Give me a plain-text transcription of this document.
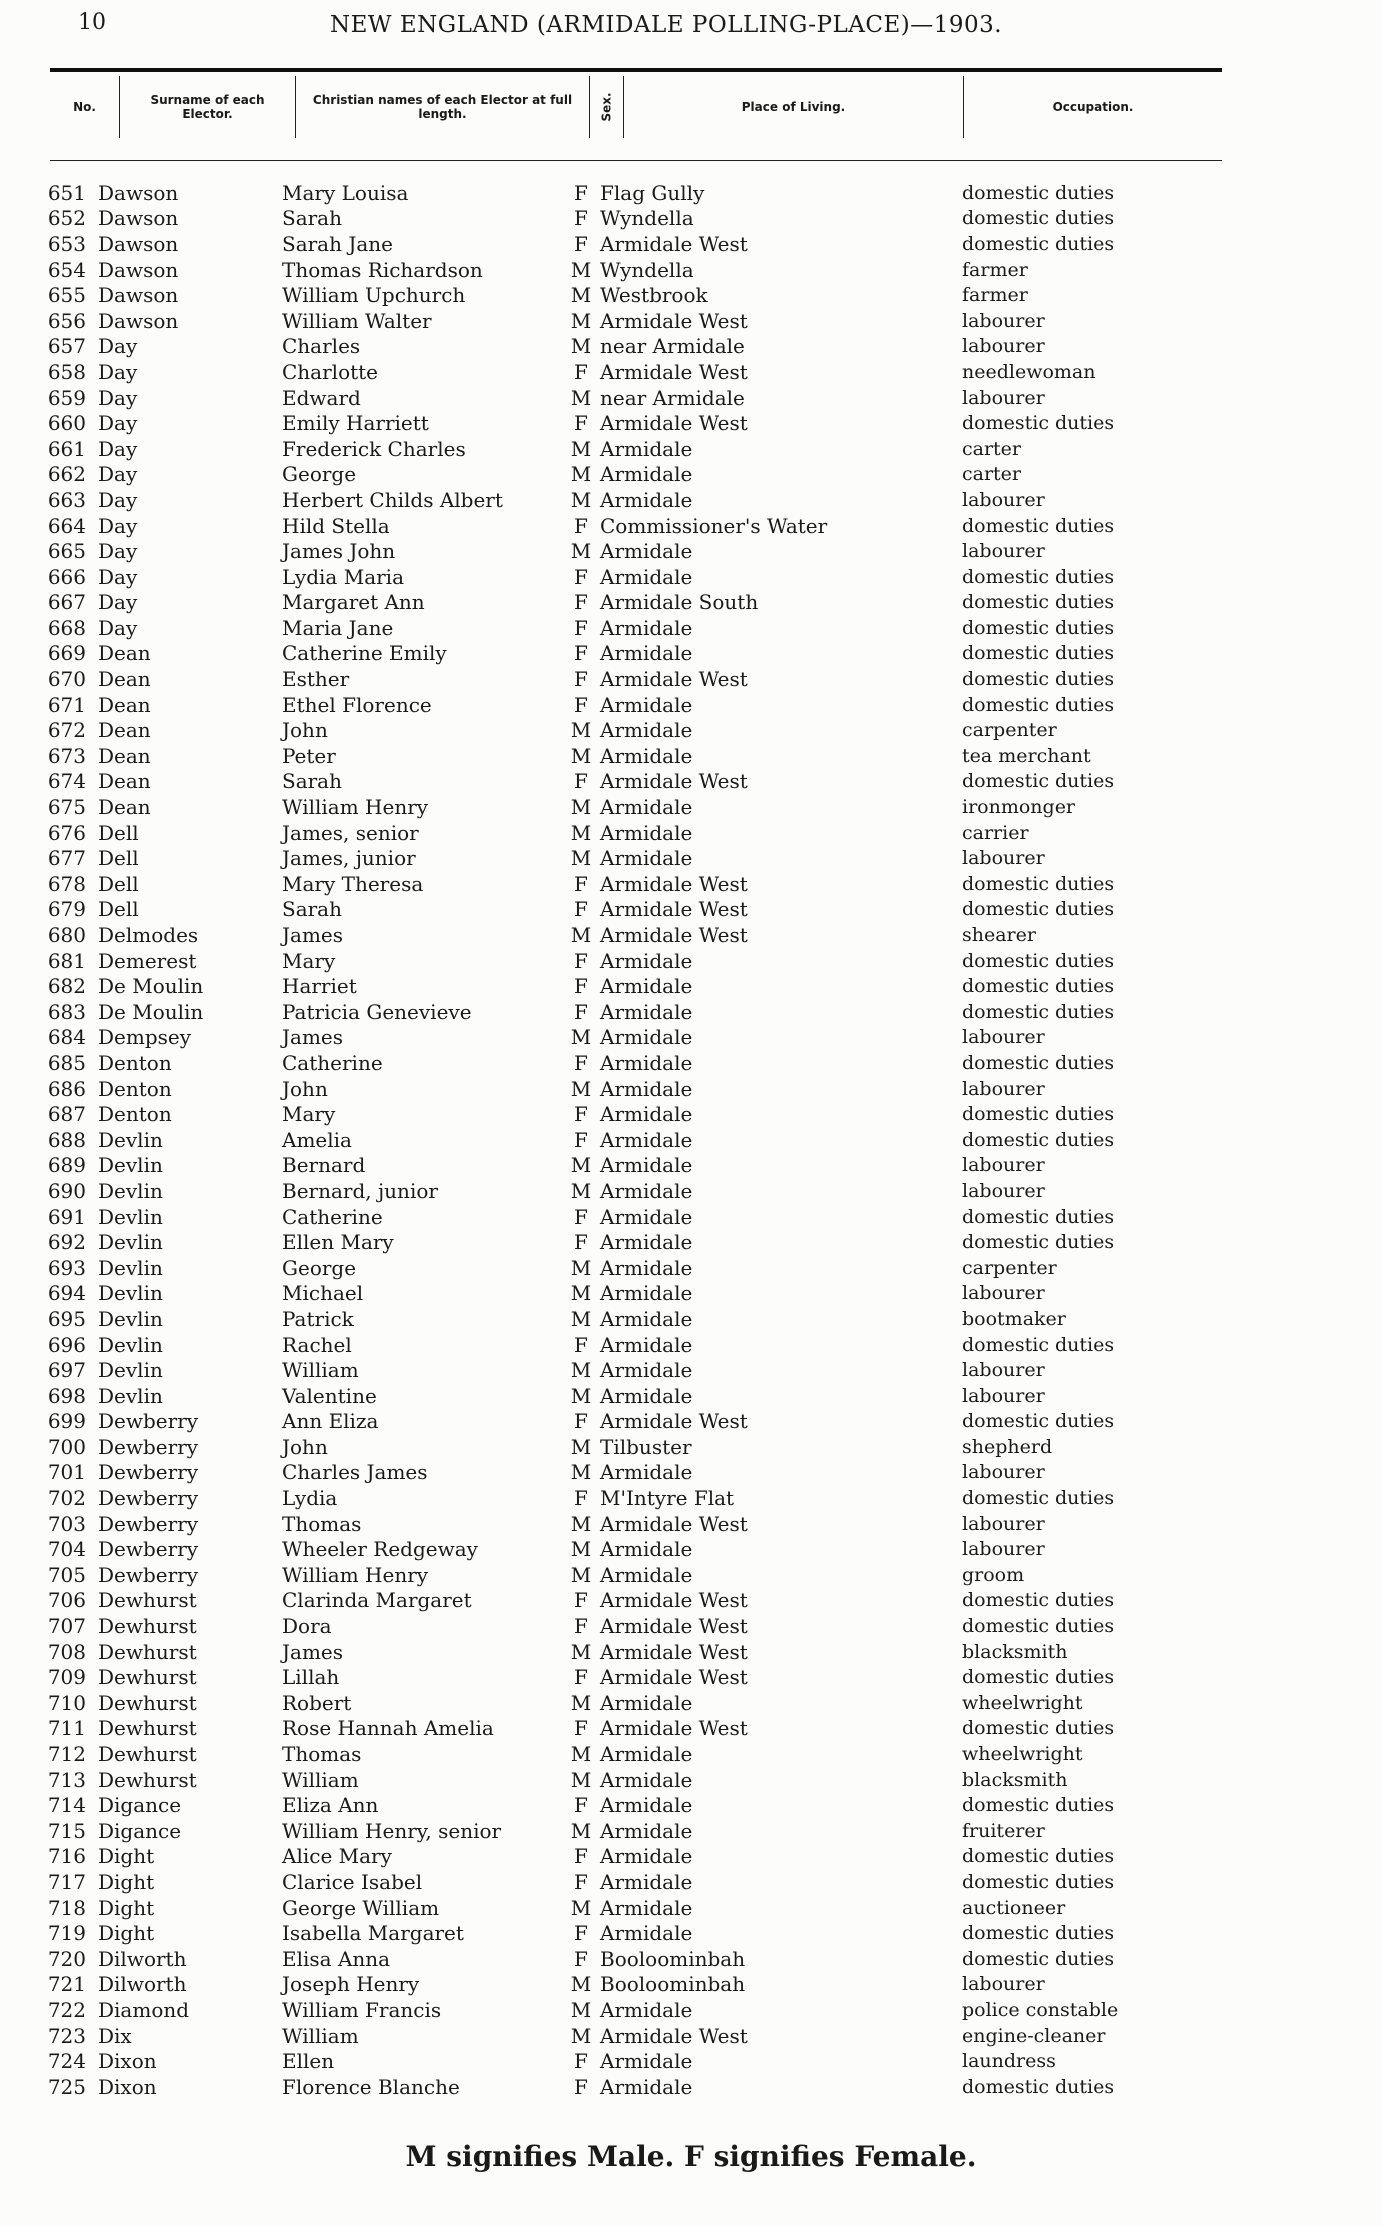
10	NEW ENGLAND (ARMIDALE POLLING-PLACE)—1903.
No.	Surname of each Elector.
Christian names of each Elector at full length.	Sex.	Place of Living.	Occupation.
651 Dawson	Mary Louisa	F Flag Gully	domestic duties
652 Dawson	Sarah	F Wyndella	domestic duties
653 Dawson	Sarah Jane	F Armidale West	domestic duties
654 Dawson	Thomas Richardson	M Wyndella	farmer
655 Dawson	William Upchurch	M Westbrook	farmer
656 Dawson	William Walter	M Armidale West	labourer
657 Day	Charles	M near Armidale	labourer
658 Day	Charlotte	F Armidale West	needlewoman
659 Day	Edward	M near Armidale	labourer
660 Day	Emily Harriett	F Armidale West	domestic duties
661 Day	Frederick Charles	M Armidale	carter
662 Day	George	M Armidale	carter
663 Day	Herbert Childs Albert	M Armidale	labourer
664 Day	Hild Stella	F Commissioner's Water	domestic duties
665 Day	James John	M Armidale	labourer
666 Day	Lydia Maria	F Armidale	domestic duties
667 Day	Margaret Ann	F Armidale South	domestic duties
668 Day	Maria Jane	F Armidale	domestic duties
669 Dean	Catherine Emily	F Armidale	domestic duties
670 Dean	Esther	F Armidale West	domestic duties
671 Dean	Ethel Florence	F Armidale	domestic duties
672 Dean	John	M Armidale	carpenter
673 Dean	Peter	M Armidale	tea merchant
674 Dean	Sarah	F Armidale West	domestic duties
675 Dean	William Henry	M Armidale	ironmonger
676 Dell	James, senior	M Armidale	carrier
677 Dell	James, junior	M Armidale	labourer
678 Dell	Mary Theresa	F Armidale West	domestic duties
679 Dell	Sarah	F Armidale West	domestic duties
680 Delmodes	James	M Armidale West	shearer
681 Demerest	Mary	F Armidale	domestic duties
682 De Moulin	Harriet	F Armidale	domestic duties
683 De Moulin	Patricia Genevieve	F Armidale	domestic duties
684 Dempsey	James	M Armidale	labourer
685 Denton	Catherine	F Armidale	domestic duties
686 Denton	John	M Armidale	labourer
687 Denton	Mary	F Armidale	domestic duties
688 Devlin	Amelia	F Armidale	domestic duties
689 Devlin	Bernard	M Armidale	labourer
690 Devlin	Bernard, junior	M Armidale	labourer
691 Devlin	Catherine	F Armidale	domestic duties
692 Devlin	Ellen Mary	F Armidale	domestic duties
693 Devlin	George	M Armidale	carpenter
694 Devlin	Michael	M Armidale	labourer
695 Devlin	Patrick	M Armidale	bootmaker
696 Devlin	Rachel	F Armidale	domestic duties
697 Devlin	William	M Armidale	labourer
698 Devlin	Valentine	M Armidale	labourer
699 Dewberry	Ann Eliza	F Armidale West	domestic duties
700 Dewberry	John	M Tilbuster	shepherd
701 Dewberry	Charles James	M Armidale	labourer
702 Dewberry	Lydia	F M'Intyre Flat	domestic duties
703 Dewberry	Thomas	M Armidale West	labourer
704 Dewberry	Wheeler Redgeway	M Armidale	labourer
705 Dewberry	William Henry	M Armidale	groom
706 Dewhurst	Clarinda Margaret	F Armidale West	domestic duties
707 Dewhurst	Dora	F Armidale West	domestic duties
708 Dewhurst	James	M Armidale West	blacksmith
709 Dewhurst	Lillah	F Armidale West	domestic duties
710 Dewhurst	Robert	M Armidale	wheelwright
711 Dewhurst	Rose Hannah Amelia	F Armidale West	domestic duties
712 Dewhurst	Thomas	M Armidale	wheelwright
713 Dewhurst	William	M Armidale	blacksmith
714 Digance	Eliza Ann	F Armidale	domestic duties
715 Digance	William Henry, senior	M Armidale	fruiterer
716 Dight	Alice Mary	F Armidale	domestic duties
717 Dight	Clarice Isabel	F Armidale	domestic duties
718 Dight	George William	M Armidale	auctioneer
719 Dight	Isabella Margaret	F Armidale	domestic duties
720 Dilworth	Elisa Anna	F Booloominbah	domestic duties
721 Dilworth	Joseph Henry	M Booloominbah	labourer
722 Diamond	William Francis	M Armidale	police constable
723 Dix	William	M Armidale West	engine-cleaner
724 Dixon	Ellen	F Armidale	laundress
725 Dixon	Florence Blanche	F Armidale	domestic duties
M signifies Male. F signifies Female.
